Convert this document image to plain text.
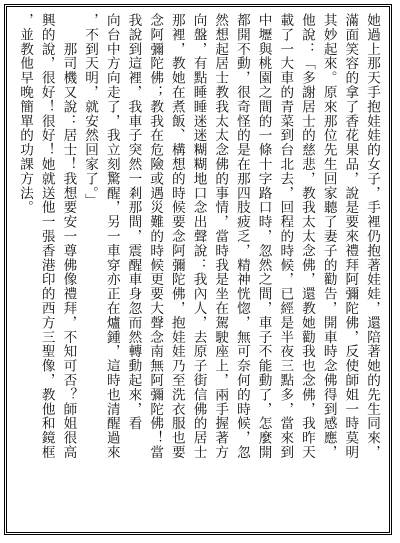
她過上那天手抱娃娃的女子，手裡仍抱著娃娃，還陪著她的先生同來，
滿面笑容的拿了香花果品，說是要來禮拜阿彌陀佛，反使師姐一時莫明
其妙起來。原來那位先生回家聽了妻子的勸告，開車時念佛得到感應，
他說：「多謝居士的慈悲，教我太太念佛，還教她勸我也念佛，我昨天
載了一大車的青菜到台北去，回程的時候，已經是半夜三點多，當來到
中壢與桃園之間的一條十字路口時，忽然之間，車子不能動了，怎麼開
都開不動，很奇怪的是在那四肢疲乏，精神恍惚，無可奈何的時候，忽
然想起居士教我太太念佛的事情，當時我是坐在駕駛座上，兩手握著方
向盤，有點睡睡迷迷糊糊地口念出聲說：我內人，去原子街信佛的居士
那裡，教她在煮飯、構想的時候要念阿彌陀佛，抱娃娃乃至洗衣服也要
念阿彌陀佛；教我在危險或遇災難的時候更要大聲念南無阿彌陀佛！當
我說到這裡，我車子突然一剎那間，震醒車身忽而然轉動起來，看
向台中方向走了，我立刻驚醒，另一車穿亦正在爐鍾，這時也清醒過來
，不到天明，就安然回家了。」
　　那司機又說：居士！我想要安一尊佛像禮拜，不知可否？師姐很高
興的說，很好！很好！她就送他一張香港印的西方三聖像，教他和鏡框
，並教他早晚簡單的功課方法。
